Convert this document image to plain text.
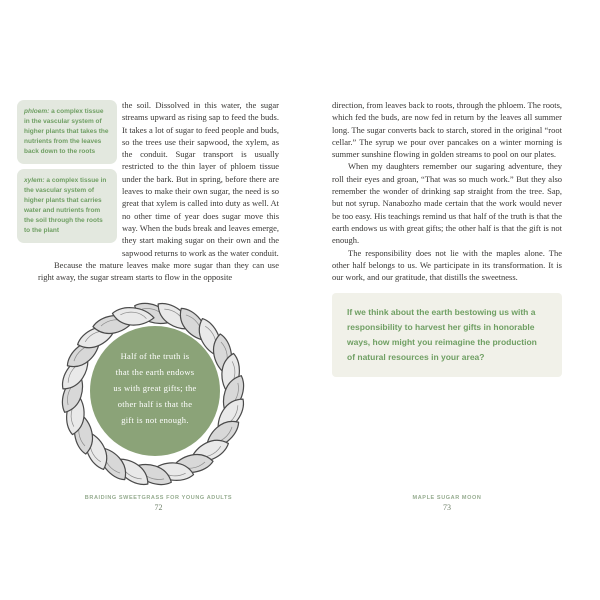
phloem: a complex tissue in the vascular system of higher plants that takes the nutrients from the leaves back down to the roots
xylem: a complex tissue in the vascular system of higher plants that carries water and nutrients from the soil through the roots to the plant

the soil. Dissolved in this water, the sugar streams upward as rising sap to feed the buds. It takes a lot of sugar to feed people and buds, so the trees use their sapwood, the xylem, as the conduit. Sugar transport is usually restricted to the thin layer of phloem tissue under the bark. But in spring, before there are leaves to make their own sugar, the need is so great that xylem is called into duty as well. At no other time of year does sugar move this way. When the buds break and leaves emerge, they start making sugar on their own and the sapwood returns to work as the water conduit.

Because the mature leaves make more sugar than they can use right away, the sugar stream starts to flow in the opposite

Half of the truth is
that the earth endows
us with great gifts; the
other half is that the
gift is not enough.
BRAIDING SWEETGRASS FOR YOUNG ADULTS
72

direction, from leaves back to roots, through the phloem. The roots, which fed the buds, are now fed in return by the leaves all summer long. The sugar converts back to starch, stored in the original “root cellar.” The syrup we pour over pancakes on a winter morning is summer sunshine flowing in golden streams to pool on our plates.

When my daughters remember our sugaring adventure, they roll their eyes and groan, “That was so much work.” But they also remember the wonder of drinking sap straight from the tree. Sap, but not syrup. Nanabozho made certain that the work would never be too easy. His teachings remind us that half of the truth is that the earth endows us with great gifts; the other half is that the gift is not enough.

The responsibility does not lie with the maples alone. The other half belongs to us. We participate in its transformation. It is our work, and our gratitude, that distills the sweetness.

If we think about the earth bestowing us with a responsibility to harvest her gifts in honorable ways, how might you reimagine the production of natural resources in your area?
MAPLE SUGAR MOON
73
